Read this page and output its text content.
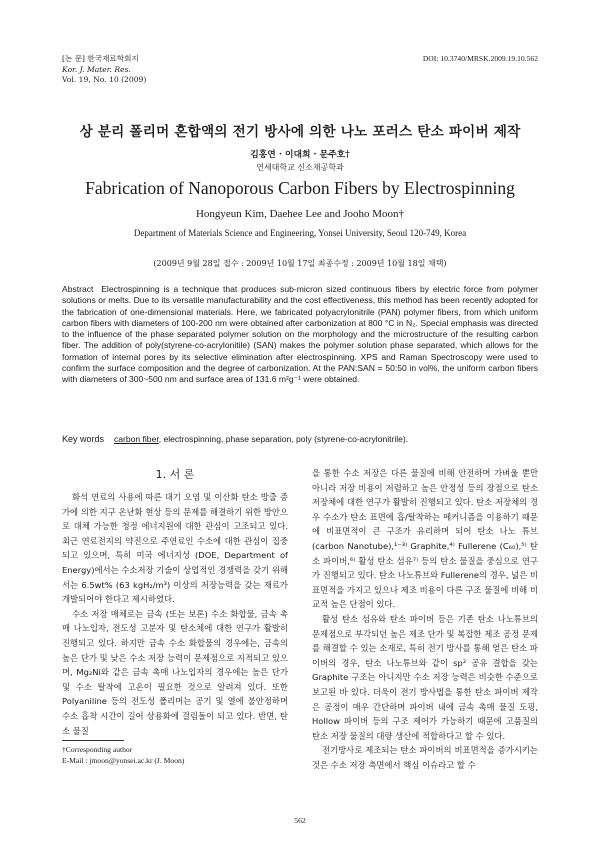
[논 문] 한국재료학회지
Kor. J. Mater. Res.
Vol. 19, No. 10 (2009)
DOI: 10.3740/MRSK.2009.19.10.562
상 분리 폴리머 혼합액의 전기 방사에 의한 나노 포러스 탄소 파이버 제작
김홍연 · 이대희 · 문주호†
연세대학교 신소재공학과
Fabrication of Nanoporous Carbon Fibers by Electrospinning
Hongyeun Kim, Daehee Lee and Jooho Moon†
Department of Materials Science and Engineering, Yonsei University, Seoul 120-749, Korea
(2009년 9월 28일 접수 : 2009년 10월 17일 최종수정 : 2009년 10월 18일 채택)
Abstract Electrospinning is a technique that produces sub-micron sized continuous fibers by electric force from polymer solutions or melts. Due to its versatile manufacturability and the cost effectiveness, this method has been recently adopted for the fabrication of one-dimensional materials. Here, we fabricated polyacrylonitrile (PAN) polymer fibers, from which uniform carbon fibers with diameters of 100-200 nm were obtained after carbonization at 800 °C in N₂. Special emphasis was directed to the influence of the phase separated polymer solution on the morphology and the microstructure of the resulting carbon fiber. The addition of poly(styrene-co-acrylonitile) (SAN) makes the polymer solution phase separated, which allows for the formation of internal pores by its selective elimination after electrospinning. XPS and Raman Spectroscopy were used to confirm the surface composition and the degree of carbonization. At the PAN:SAN = 50:50 in vol%, the uniform carbon fibers with diameters of 300~500 nm and surface area of 131.6 m²g⁻¹ were obtained.
Key words carbon fiber, electrospinning, phase separation, poly (styrene-co-acrylonitrile).
1. 서 론

화석 연료의 사용에 따른 대기 오염 및 이산화 탄소 방출 증가에 의한 지구 온난화 현상 등의 문제를 해결하기 위한 방안으로 대체 가능한 청정 에너지원에 대한 관심이 고조되고 있다. 최근 연료전지의 약진으로 주연료인 수소에 대한 관심이 집중되고 있으며, 특히 미국 에너지성 (DOE, Department of Energy)에서는 수소저장 기술이 상업적인 경쟁력을 갖기 위해서는 6.5wt% (63 kgH₂/m³) 이상의 저장능력을 갖는 재료가 개발되어야 한다고 제시하였다.

수소 저장 매체로는 금속 (또는 보론) 수소 화합물, 금속 촉매 나노입자, 전도성 고분자 및 탄소체에 대한 연구가 활발히 진행되고 있다. 하지만 금속 수소 화합물의 경우에는, 금속의 높은 단가 및 낮은 수소 저장 능력이 문제점으로 지적되고 있으며, Mg₂Ni와 같은 금속 촉매 나노입자의 경우에는 높은 단가 및 수소 탈착에 고온이 필요한 것으로 알려져 있다. 또한 Polyaniline 등의 전도성 폴리머는 공기 및 열에 불안정하며 수소 흡착 시간이 길어 상용화에 걸림돌이 되고 있다. 반면, 탄소 물질

을 통한 수소 저장은 다른 물질에 비해 안전하며 가벼울 뿐만 아니라 저장 비용이 저렴하고 높은 안정성 등의 장점으로 탄소 저장체에 대한 연구가 활발히 진행되고 있다. 탄소 저장체의 경우 수소가 탄소 표면에 흡/탈착하는 메커니즘을 이용하기 때문에 비표면적이 큰 구조가 유리하며 되어 탄소 나노 튜브(carbon Nanotube),¹⁻³⁾ Graphite,⁴⁾ Fullerene (C₆₀),⁵⁾ 탄소 파이버,⁶⁾ 활성 탄소 섬유⁷⁾ 등의 탄소 물질을 중심으로 연구가 진행되고 있다. 탄소 나노튜브와 Fullerene의 경우, 넓은 비표면적을 가지고 있으나 제조 비용이 다른 구조 물질에 비해 비교적 높은 단점이 있다.

활성 탄소 섬유와 탄소 파이버 등은 기존 탄소 나노튜브의 문제점으로 부각되던 높은 제조 단가 및 복잡한 제조 공정 문제를 해결할 수 있는 소재로, 특히 전기 방사를 통해 얻은 탄소 파이버의 경우, 탄소 나노튜브와 같이 sp² 공유 결합을 갖는 Graphite 구조는 아니지만 수소 저장 능력은 비슷한 수준으로 보고된 바 있다. 더욱이 전기 방사법을 통한 탄소 파이버 제작은 공정이 매우 간단하며 파이버 내에 금속 촉매 물질 도핑, Hollow 파이버 등의 구조 제어가 가능하기 때문에 고품질의 탄소 저장 물질의 대량 생산에 적합하다고 할 수 있다.

전기방사로 제조되는 탄소 파이버의 비표면적을 증가시키는 것은 수소 저장 측면에서 핵심 이슈라고 할 수

†Corresponding author
E-Mail : jmoon@yonsei.ac.kr (J. Moon)
562
